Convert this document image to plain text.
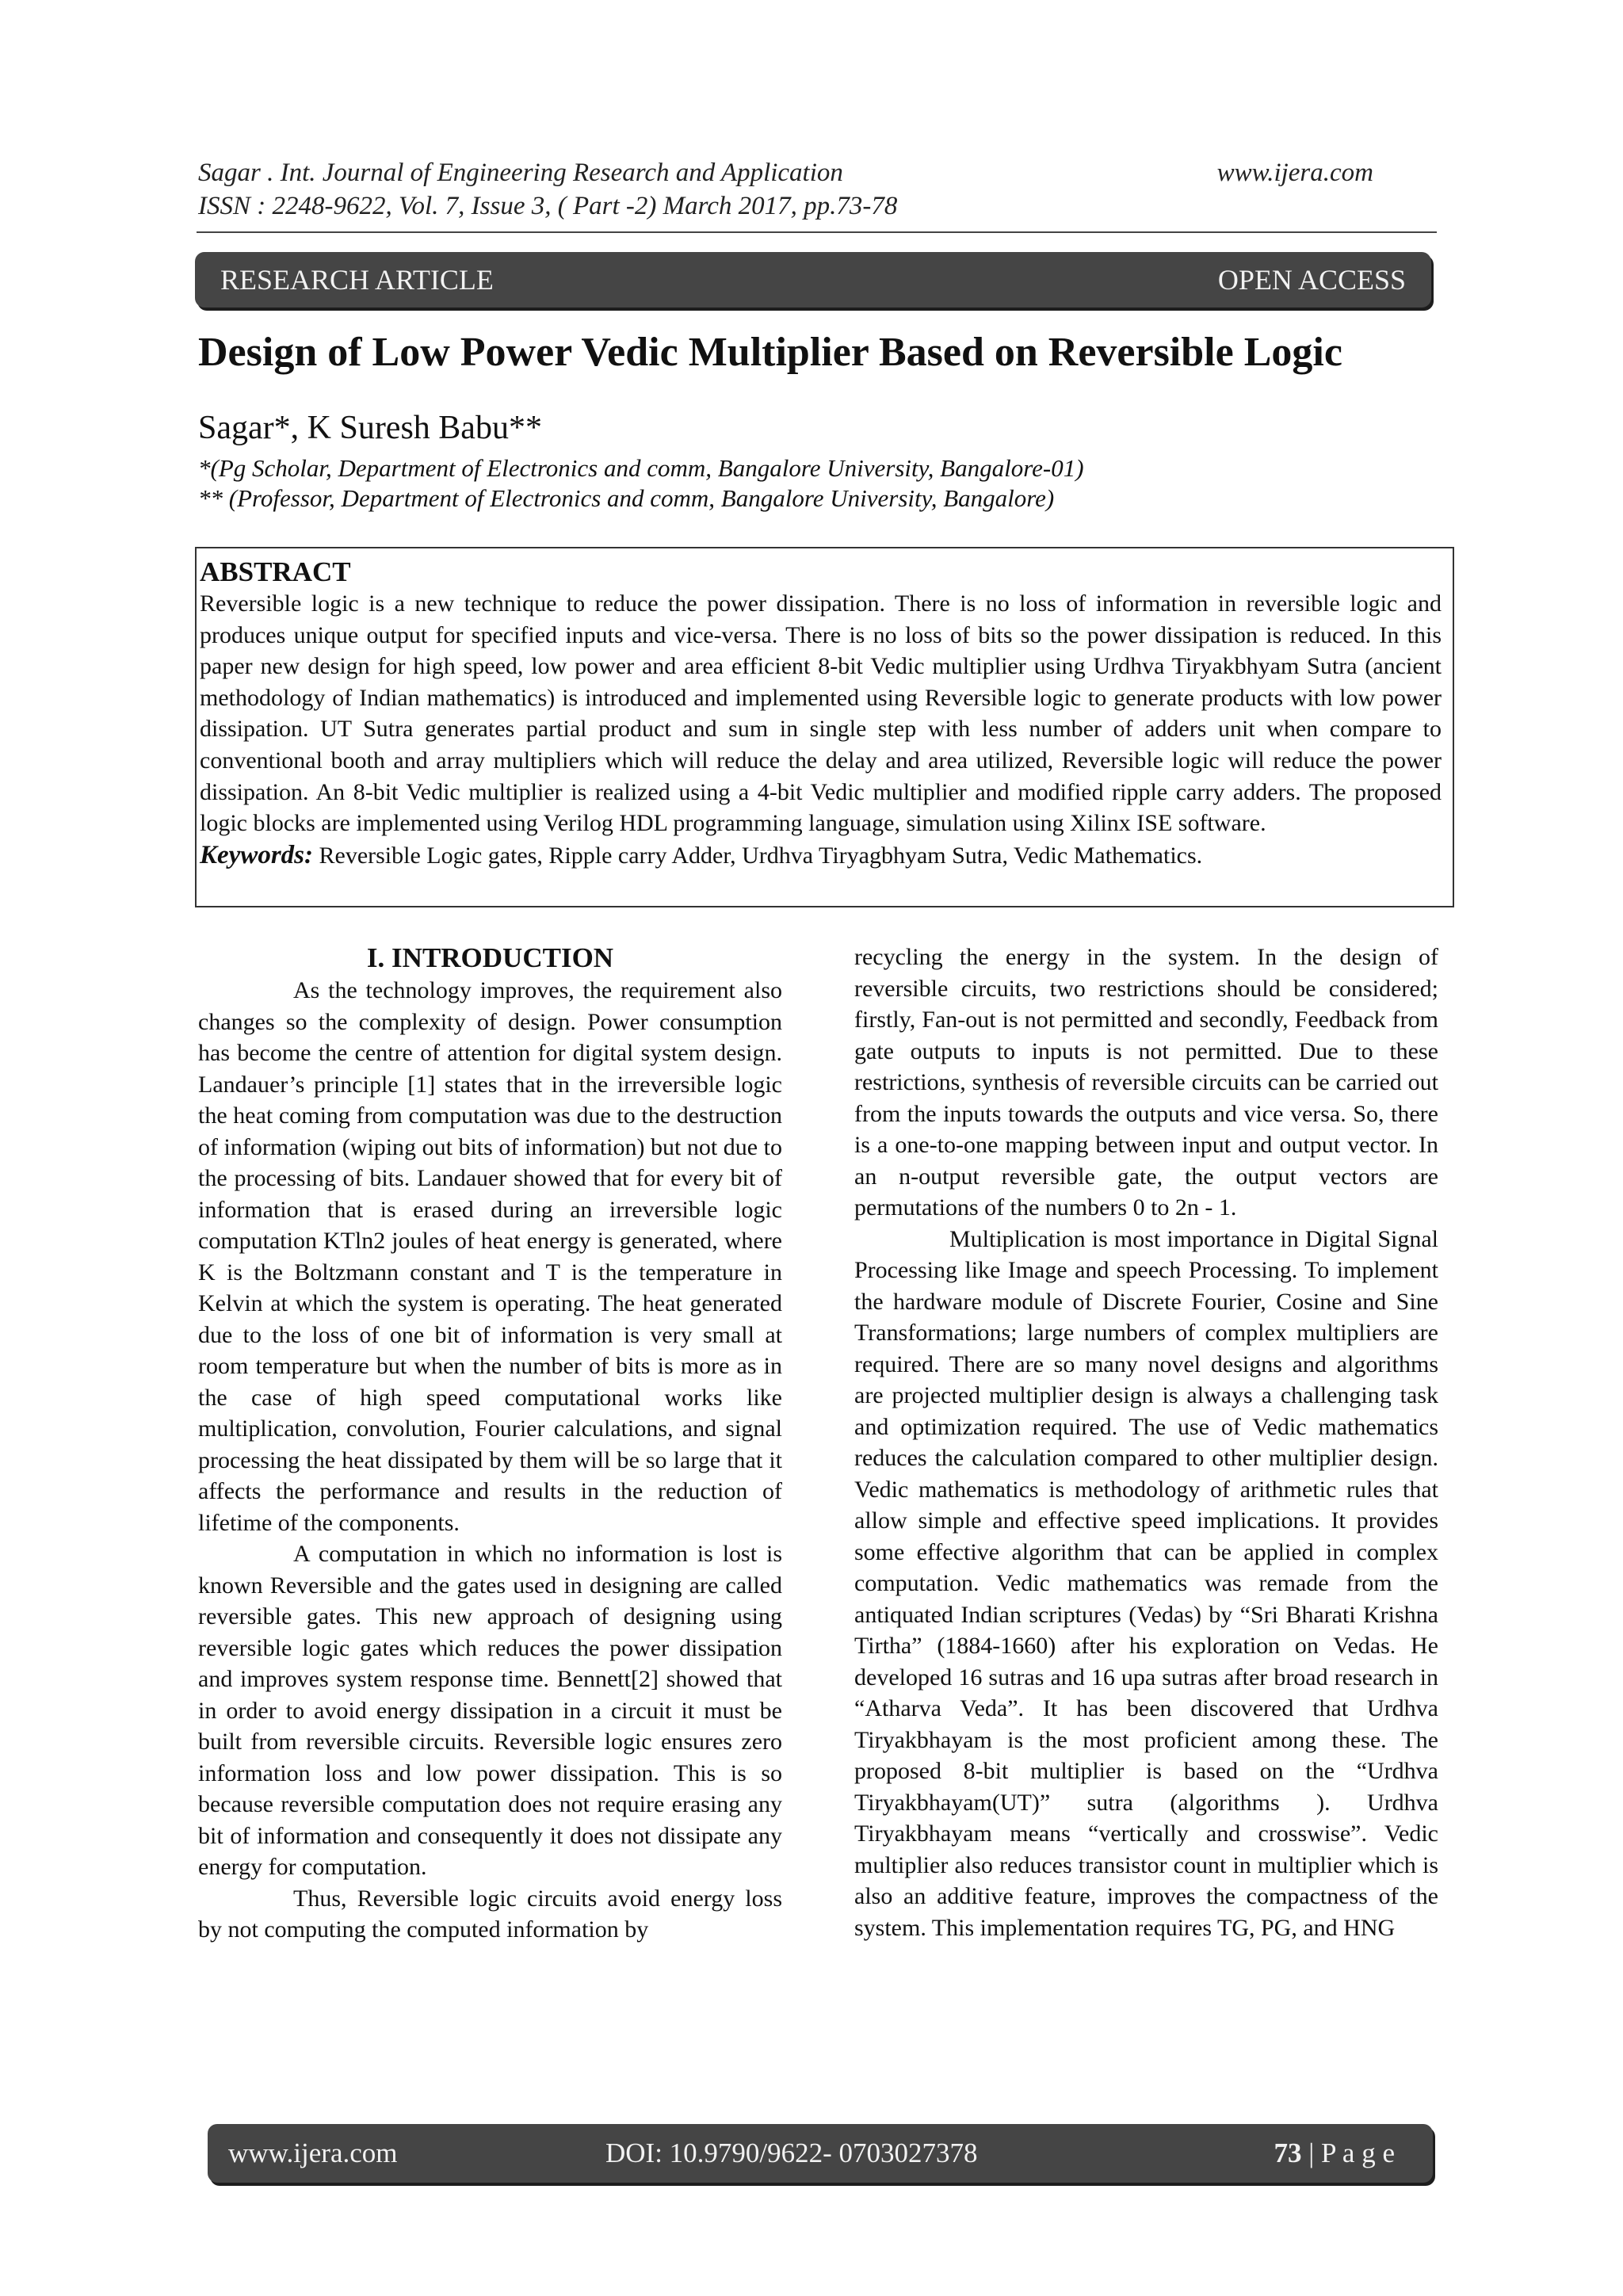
Sagar . Int. Journal of Engineering Research and Application	www.ijera.com
ISSN : 2248-9622, Vol. 7, Issue 3, ( Part -2) March 2017, pp.73-78
RESEARCH ARTICLE	OPEN ACCESS
Design of Low Power Vedic Multiplier Based on Reversible Logic
Sagar*, K Suresh Babu**
*(Pg Scholar, Department of Electronics and comm, Bangalore University, Bangalore-01)
** (Professor, Department of Electronics and comm, Bangalore University, Bangalore)
ABSTRACT
Reversible logic is a new technique to reduce the power dissipation. There is no loss of information in reversible logic and produces unique output for specified inputs and vice-versa. There is no loss of bits so the power dissipation is reduced. In this paper new design for high speed, low power and area efficient 8-bit Vedic multiplier using Urdhva Tiryakbhyam Sutra (ancient methodology of Indian mathematics) is introduced and implemented using Reversible logic to generate products with low power dissipation. UT Sutra generates partial product and sum in single step with less number of adders unit when compare to conventional booth and array multipliers which will reduce the delay and area utilized, Reversible logic will reduce the power dissipation. An 8-bit Vedic multiplier is realized using a 4-bit Vedic multiplier and modified ripple carry adders. The proposed logic blocks are implemented using Verilog HDL programming language, simulation using Xilinx ISE software.
Keywords: Reversible Logic gates, Ripple carry Adder, Urdhva Tiryagbhyam Sutra, Vedic Mathematics.

I. INTRODUCTION

As the technology improves, the requirement also changes so the complexity of design. Power consumption has become the centre of attention for digital system design. Landauer’s principle [1] states that in the irreversible logic the heat coming from computation was due to the destruction of information (wiping out bits of information) but not due to the processing of bits. Landauer showed that for every bit of information that is erased during an irreversible logic computation KTln2 joules of heat energy is generated, where K is the Boltzmann constant and T is the temperature in Kelvin at which the system is operating. The heat generated due to the loss of one bit of information is very small at room temperature but when the number of bits is more as in the case of high speed computational works like multiplication, convolution, Fourier calculations, and signal processing the heat dissipated by them will be so large that it affects the performance and results in the reduction of lifetime of the components.

A computation in which no information is lost is known Reversible and the gates used in designing are called reversible gates. This new approach of designing using reversible logic gates which reduces the power dissipation and improves system response time. Bennett[2] showed that in order to avoid energy dissipation in a circuit it must be built from reversible circuits. Reversible logic ensures zero information loss and low power dissipation. This is so because reversible computation does not require erasing any bit of information and consequently it does not dissipate any energy for computation.

Thus, Reversible logic circuits avoid energy loss by not computing the computed information by

recycling the energy in the system. In the design of reversible circuits, two restrictions should be considered; firstly, Fan-out is not permitted and secondly, Feedback from gate outputs to inputs is not permitted. Due to these restrictions, synthesis of reversible circuits can be carried out from the inputs towards the outputs and vice versa. So, there is a one-to-one mapping between input and output vector. In an n-output reversible gate, the output vectors are permutations of the numbers 0 to 2n - 1.

Multiplication is most importance in Digital Signal Processing like Image and speech Processing. To implement the hardware module of Discrete Fourier, Cosine and Sine Transformations; large numbers of complex multipliers are required. There are so many novel designs and algorithms are projected multiplier design is always a challenging task and optimization required. The use of Vedic mathematics reduces the calculation compared to other multiplier design. Vedic mathematics is methodology of arithmetic rules that allow simple and effective speed implications. It provides some effective algorithm that can be applied in complex computation. Vedic mathematics was remade from the antiquated Indian scriptures (Vedas) by “Sri Bharati Krishna Tirtha” (1884-1660) after his exploration on Vedas. He developed 16 sutras and 16 upa sutras after broad research in “Atharva Veda”. It has been discovered that Urdhva Tiryakbhayam is the most proficient among these. The proposed 8-bit multiplier is based on the “Urdhva Tiryakbhayam(UT)” sutra (algorithms ). Urdhva Tiryakbhayam means “vertically and crosswise”. Vedic multiplier also reduces transistor count in multiplier which is also an additive feature, improves the compactness of the system. This implementation requires TG, PG, and HNG

www.ijera.com	DOI: 10.9790/9622- 0703027378	73 | P a g e
